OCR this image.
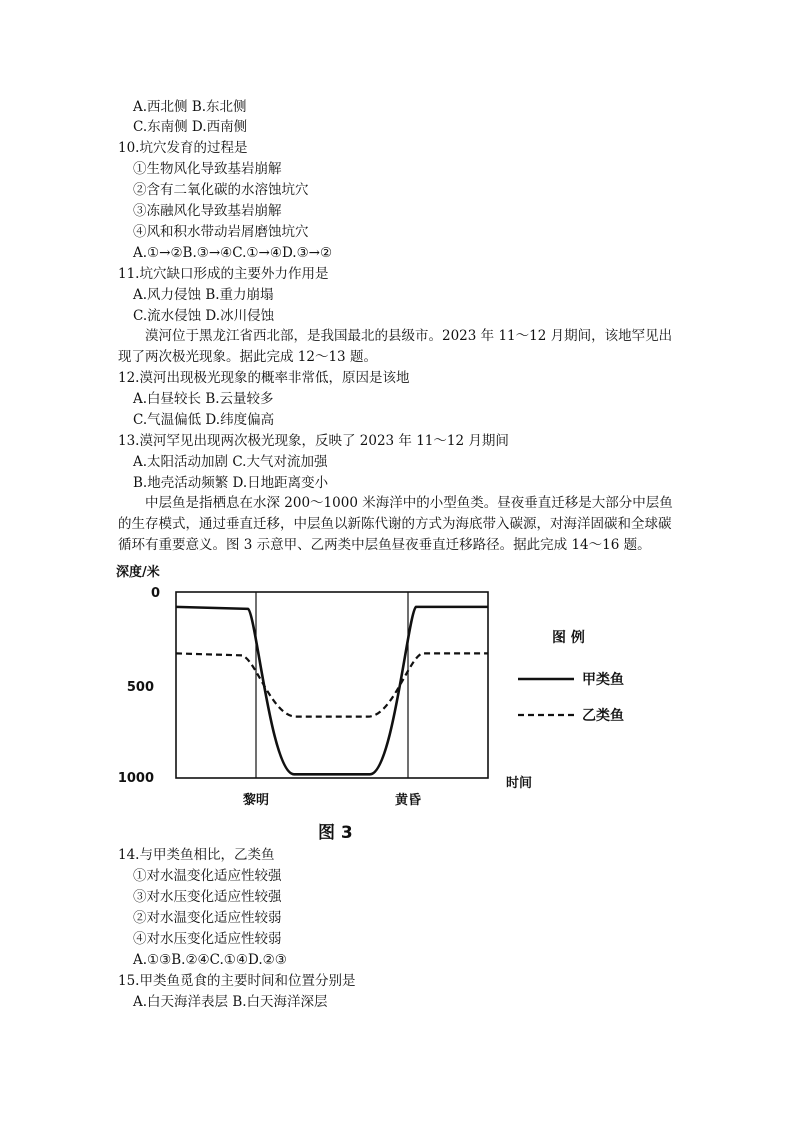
A.西北侧 B.东北侧
C.东南侧 D.西南侧
10.坑穴发育的过程是
①生物风化导致基岩崩解
②含有二氧化碳的水溶蚀坑穴
③冻融风化导致基岩崩解
④风和积水带动岩屑磨蚀坑穴
A.①→②B.③→④C.①→④D.③→②
11.坑穴缺口形成的主要外力作用是
A.风力侵蚀 B.重力崩塌
C.流水侵蚀 D.冰川侵蚀
漠河位于黑龙江省西北部，是我国最北的县级市。2023 年 11～12 月期间，该地罕见出现了两次极光现象。据此完成 12～13 题。
12.漠河出现极光现象的概率非常低，原因是该地
A.白昼较长 B.云量较多
C.气温偏低 D.纬度偏高
13.漠河罕见出现两次极光现象，反映了 2023 年 11～12 月期间
A.太阳活动加剧 C.大气对流加强
B.地壳活动频繁 D.日地距离变小
中层鱼是指栖息在水深 200～1000 米海洋中的小型鱼类。昼夜垂直迁移是大部分中层鱼的生存模式，通过垂直迁移，中层鱼以新陈代谢的方式为海底带入碳源，对海洋固碳和全球碳循环有重要意义。图 3 示意甲、乙两类中层鱼昼夜垂直迁移路径。据此完成 14～16 题。
深度/米
0
500
1000
黎明	黄昏
时间
图 例
甲类鱼
乙类鱼
图 3
14.与甲类鱼相比，乙类鱼
①对水温变化适应性较强
③对水压变化适应性较强
②对水温变化适应性较弱
④对水压变化适应性较弱
A.①③B.②④C.①④D.②③
15.甲类鱼觅食的主要时间和位置分别是
A.白天海洋表层 B.白天海洋深层
